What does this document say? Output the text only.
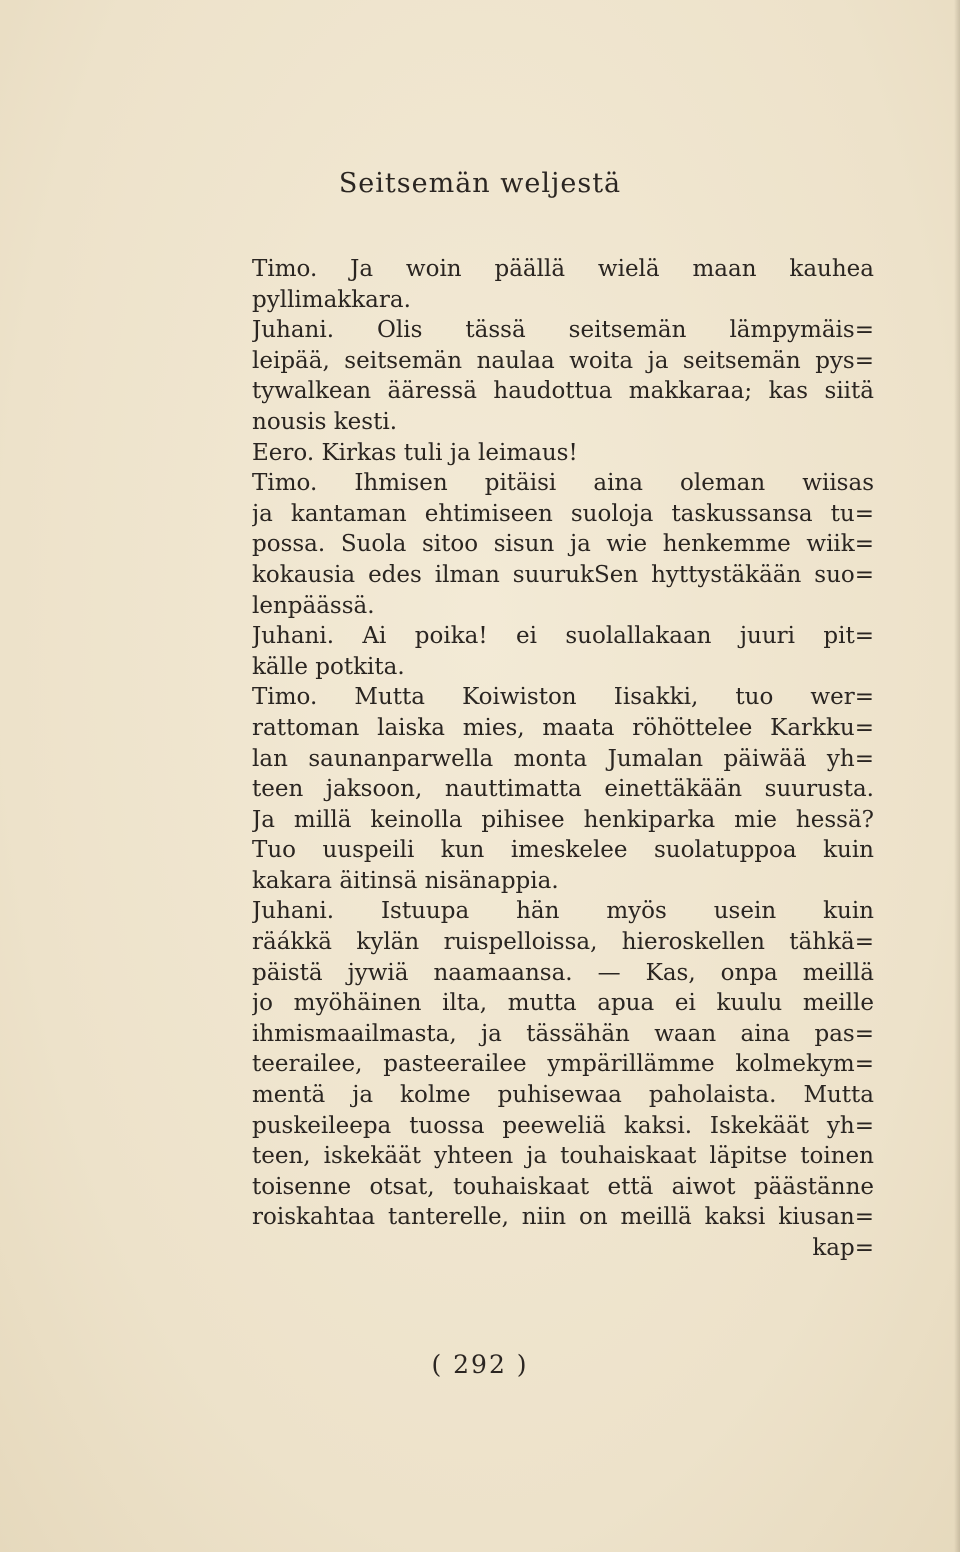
Seitsemän weljestä
Timo. Ja woin päällä wielä maan kauhea
pyllimakkara.
Juhani. Olis tässä seitsemän lämpymäis=
leipää, seitsemän naulaa woita ja seitsemän pys=
tywalkean ääressä haudottua makkaraa; kas siitä
nousis kesti.
Eero. Kirkas tuli ja leimaus!
Timo. Ihmisen pitäisi aina oleman wiisas
ja kantaman ehtimiseen suoloja taskussansa tu=
possa. Suola sitoo sisun ja wie henkemme wiik=
kokausia edes ilman suurukSen hyttystäkään suo=
lenpäässä.
Juhani. Ai poika! ei suolallakaan juuri pit=
källe potkita.
Timo. Mutta Koiwiston Iisakki, tuo wer=
rattoman laiska mies, maata röhöttelee Karkku=
lan saunanparwella monta Jumalan päiwää yh=
teen jaksoon, nauttimatta einettäkään suurusta.
Ja millä keinolla pihisee henkiparka mie hessä?
Tuo uuspeili kun imeskelee suolatuppoa kuin
kakara äitinsä nisänappia.
Juhani. Istuupa hän myös usein kuin
räákkä kylän ruispelloissa, hieroskellen tähkä=
päistä jywiä naamaansa. — Kas, onpa meillä
jo myöhäinen ilta, mutta apua ei kuulu meille
ihmismaailmasta, ja tässähän waan aina pas=
teerailee, pasteerailee ympärillämme kolmekym=
mentä ja kolme puhisewaa paholaista. Mutta
puskeileepa tuossa peeweliä kaksi. Iskekäät yh=
teen, iskekäät yhteen ja touhaiskaat läpitse toinen
toisenne otsat, touhaiskaat että aiwot päästänne
roiskahtaa tanterelle, niin on meillä kaksi kiusan=
kap=
( 292 )
